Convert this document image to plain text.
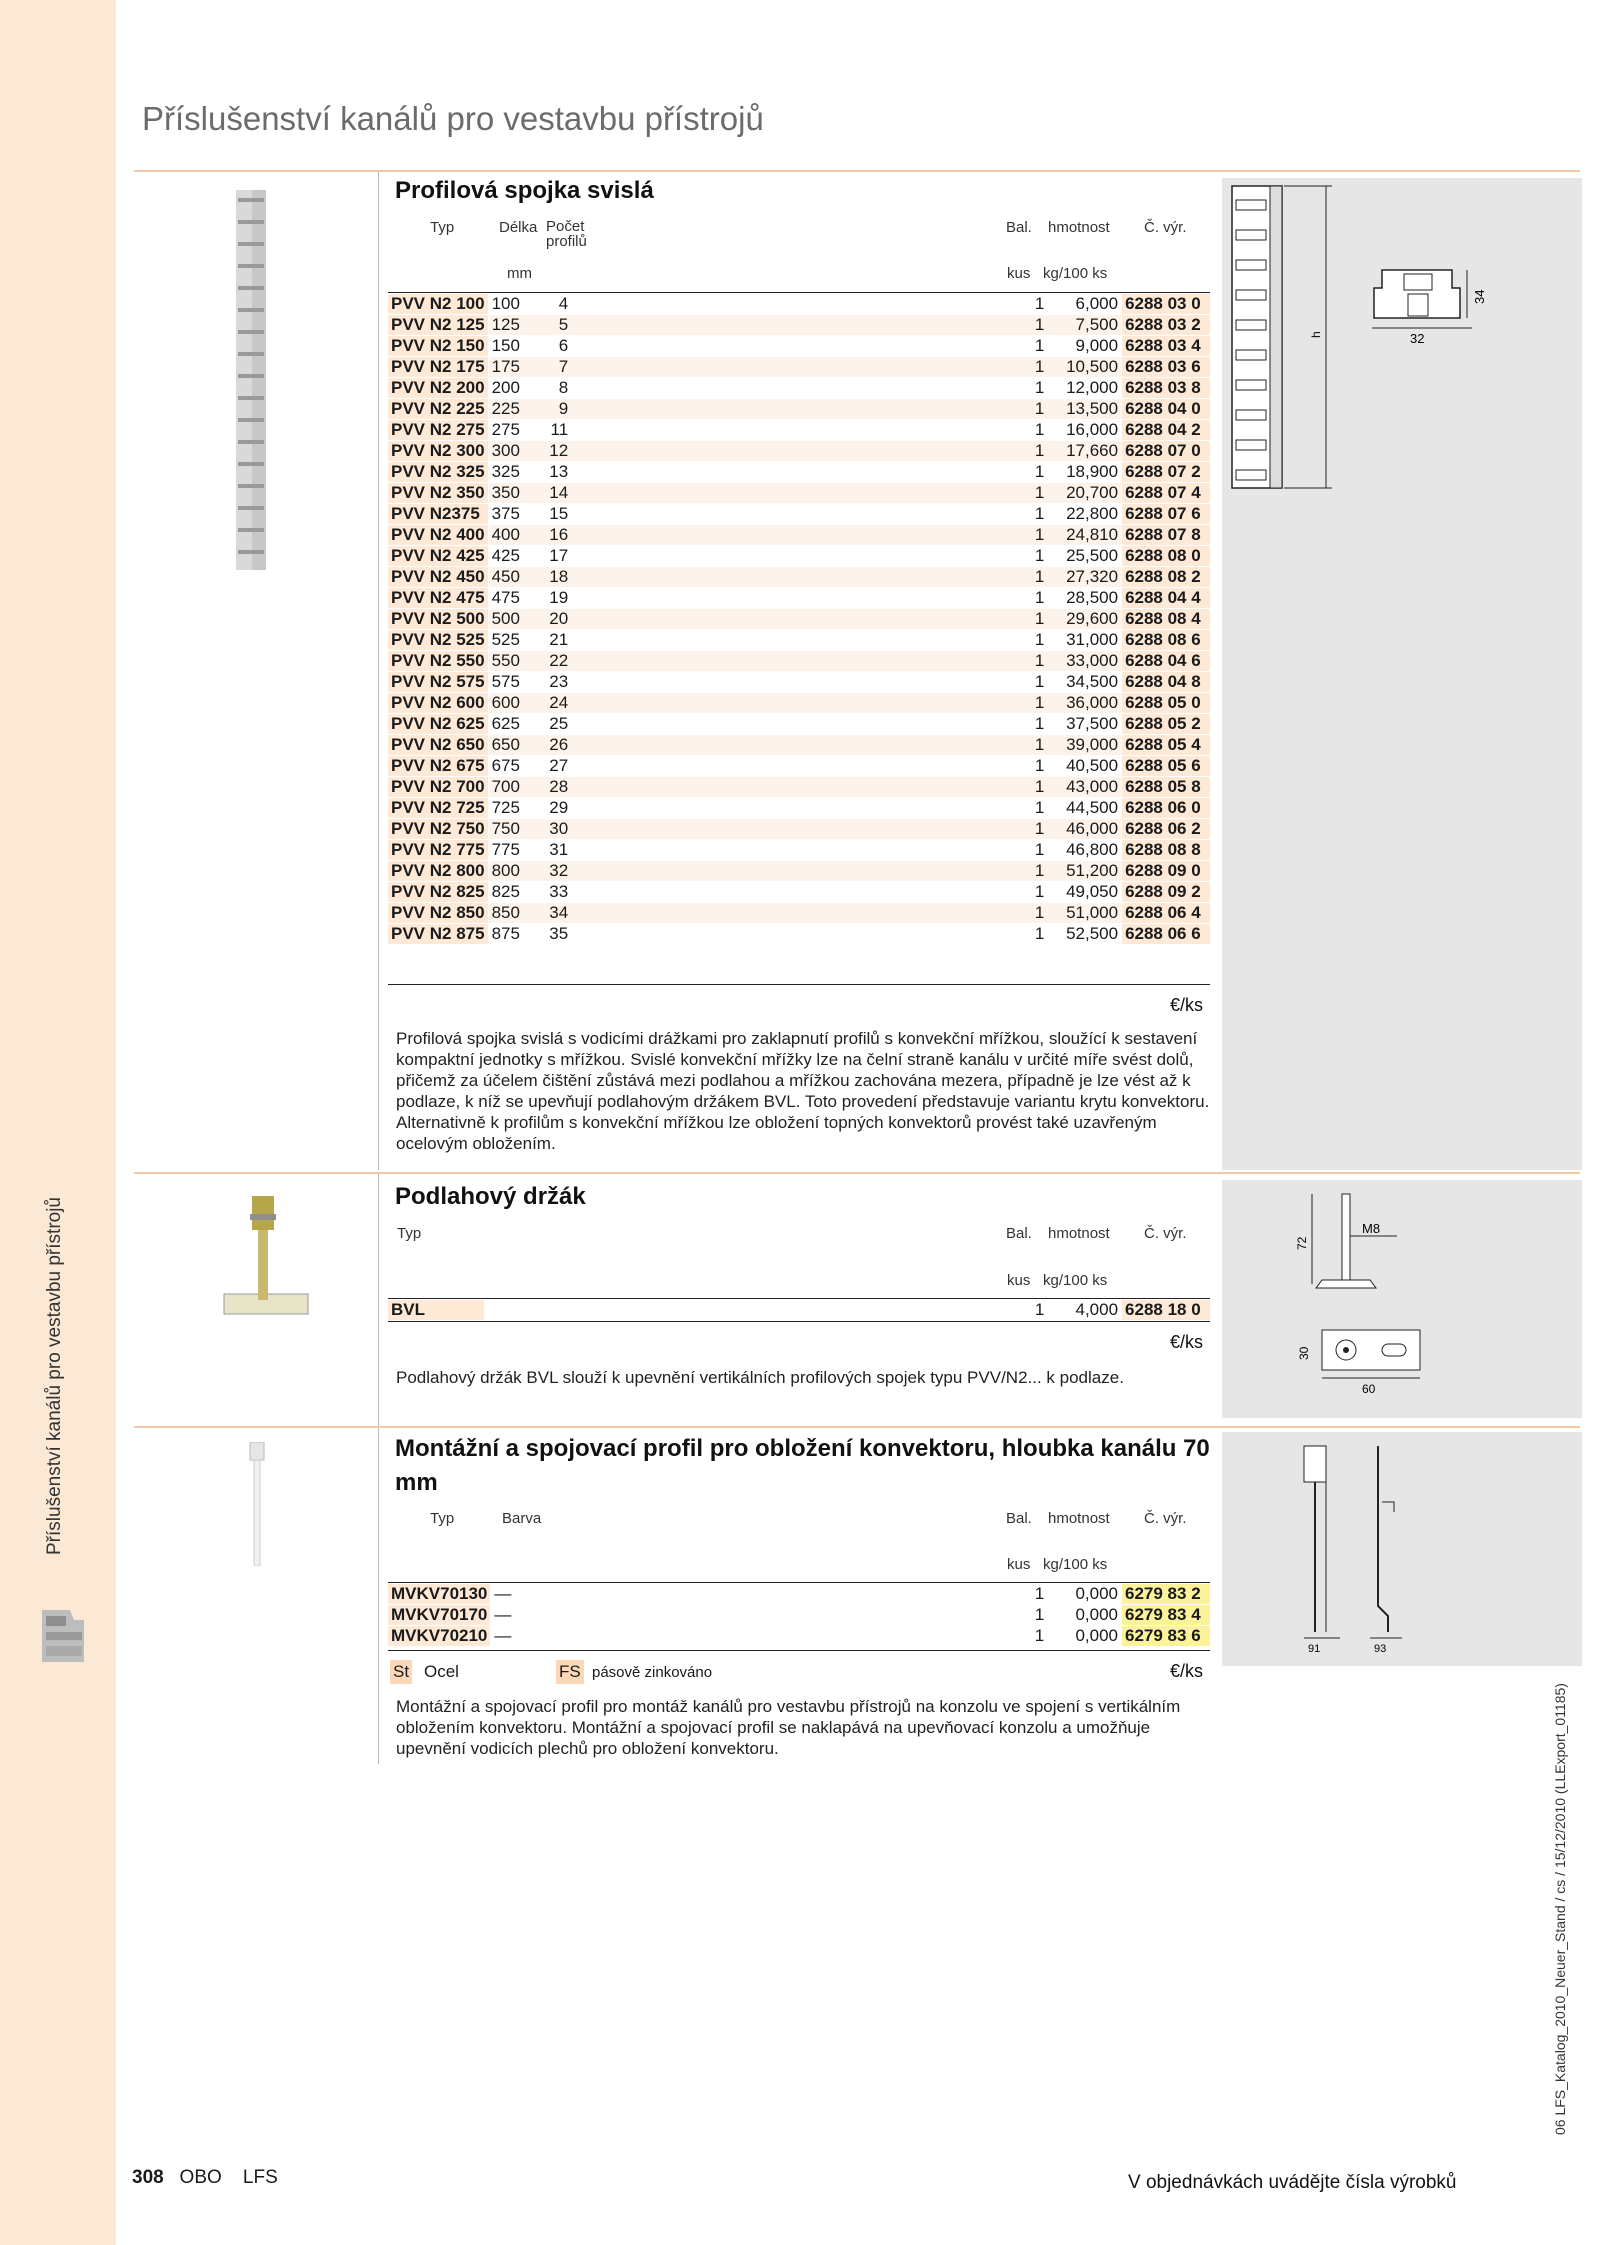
Příslušenství kanálů pro vestavbu přístrojů
06 LFS_Katalog_2010_Neuer_Stand / cs / 15/12/2010 (LLExport_01185)
Příslušenství kanálů pro vestavbu přístrojů
Profilová spojka svislá
Typ	Délka Počet profilů
Bal. hmotnost Č. výr.
mm	kus kg/100 ks
PVV N2 100	100	4		1	6,000	6288 03 0
PVV N2 125	125	5		1	7,500	6288 03 2
PVV N2 150	150	6		1	9,000	6288 03 4
PVV N2 175	175	7		1	10,500	6288 03 6
PVV N2 200	200	8		1	12,000	6288 03 8
PVV N2 225	225	9		1	13,500	6288 04 0
PVV N2 275	275	11		1	16,000	6288 04 2
PVV N2 300	300	12		1	17,660	6288 07 0
PVV N2 325	325	13		1	18,900	6288 07 2
PVV N2 350	350	14		1	20,700	6288 07 4
PVV N2375	375	15		1	22,800	6288 07 6
PVV N2 400	400	16		1	24,810	6288 07 8
PVV N2 425	425	17		1	25,500	6288 08 0
PVV N2 450	450	18		1	27,320	6288 08 2
PVV N2 475	475	19		1	28,500	6288 04 4
PVV N2 500	500	20		1	29,600	6288 08 4
PVV N2 525	525	21		1	31,000	6288 08 6
PVV N2 550	550	22		1	33,000	6288 04 6
PVV N2 575	575	23		1	34,500	6288 04 8
PVV N2 600	600	24		1	36,000	6288 05 0
PVV N2 625	625	25		1	37,500	6288 05 2
PVV N2 650	650	26		1	39,000	6288 05 4
PVV N2 675	675	27		1	40,500	6288 05 6
PVV N2 700	700	28		1	43,000	6288 05 8
PVV N2 725	725	29		1	44,500	6288 06 0
PVV N2 750	750	30		1	46,000	6288 06 2
PVV N2 775	775	31		1	46,800	6288 08 8
PVV N2 800	800	32		1	51,200	6288 09 0
PVV N2 825	825	33		1	49,050	6288 09 2
PVV N2 850	850	34		1	51,000	6288 06 4
PVV N2 875	875	35		1	52,500	6288 06 6
€/ks
Profilová spojka svislá s vodicími drážkami pro zaklapnutí profilů s konvekční mřížkou, sloužící k sestavení kompaktní jednotky s mřížkou. Svislé konvekční mřížky lze na čelní straně kanálu v určité míře svést dolů, přičemž za účelem čištění zůstává mezi podlahou a mřížkou zachována mezera, případně je lze vést až k podlaze, k níž se upevňují podlahovým držákem BVL. Toto provedení představuje variantu krytu konvektoru. Alternativně k profilům s konvekční mřížkou lze obložení topných konvektorů provést také uzavřeným ocelovým obložením.
h	32
34
Podlahový držák
Typ	Bal. hmotnost Č. výr.
kus kg/100 ks
BVL		1	4,000	6288 18 0
€/ks
Podlahový držák BVL slouží k upevnění vertikálních profilových spojek typu PVV/N2... k podlaze.
72
M8
30
60
Montážní a spojovací profil pro obložení konvektoru, hloubka kanálu 70 mm
Typ	Barva	Bal. hmotnost Č. výr.
kus kg/100 ks
MVKV70130	—		1	0,000	6279 83 2
MVKV70170	—		1	0,000	6279 83 4
MVKV70210	—		1	0,000	6279 83 6
St Ocel	FS pásově zinkováno	€/ks
Montážní a spojovací profil pro montáž kanálů pro vestavbu přístrojů na konzolu ve spojení s vertikálním obložením konvektoru. Montážní a spojovací profil se naklapává na upevňovací konzolu a umožňuje upevnění vodicích plechů pro obložení konvektoru.
91	93
308 OBO LFS	V objednávkách uvádějte čísla výrobků
